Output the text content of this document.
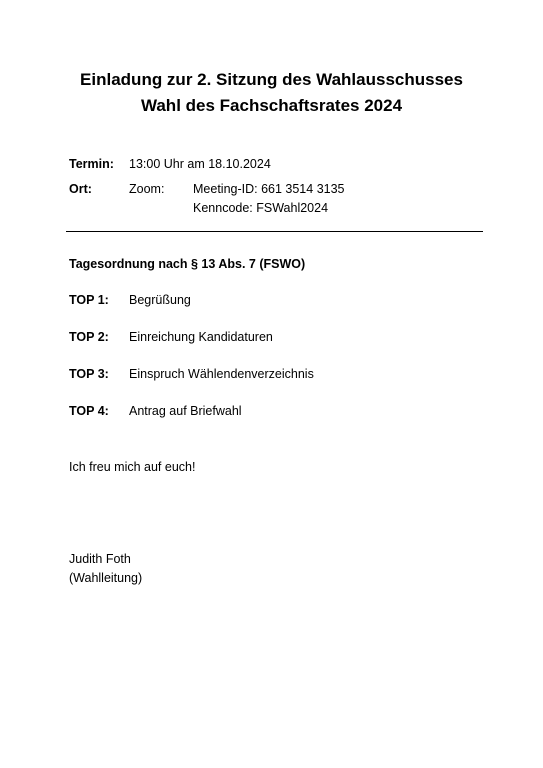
Einladung zur 2. Sitzung des Wahlausschusses
Wahl des Fachschaftsrates 2024
Termin: 13:00 Uhr am 18.10.2024
Ort:	Zoom: Meeting-ID: 661 3514 3135
Kenncode: FSWahl2024
Tagesordnung nach § 13 Abs. 7 (FSWO)
TOP 1: Begrüßung
TOP 2: Einreichung Kandidaturen
TOP 3: Einspruch Wählendenverzeichnis
TOP 4: Antrag auf Briefwahl
Ich freu mich auf euch!
Judith Foth
(Wahlleitung)
